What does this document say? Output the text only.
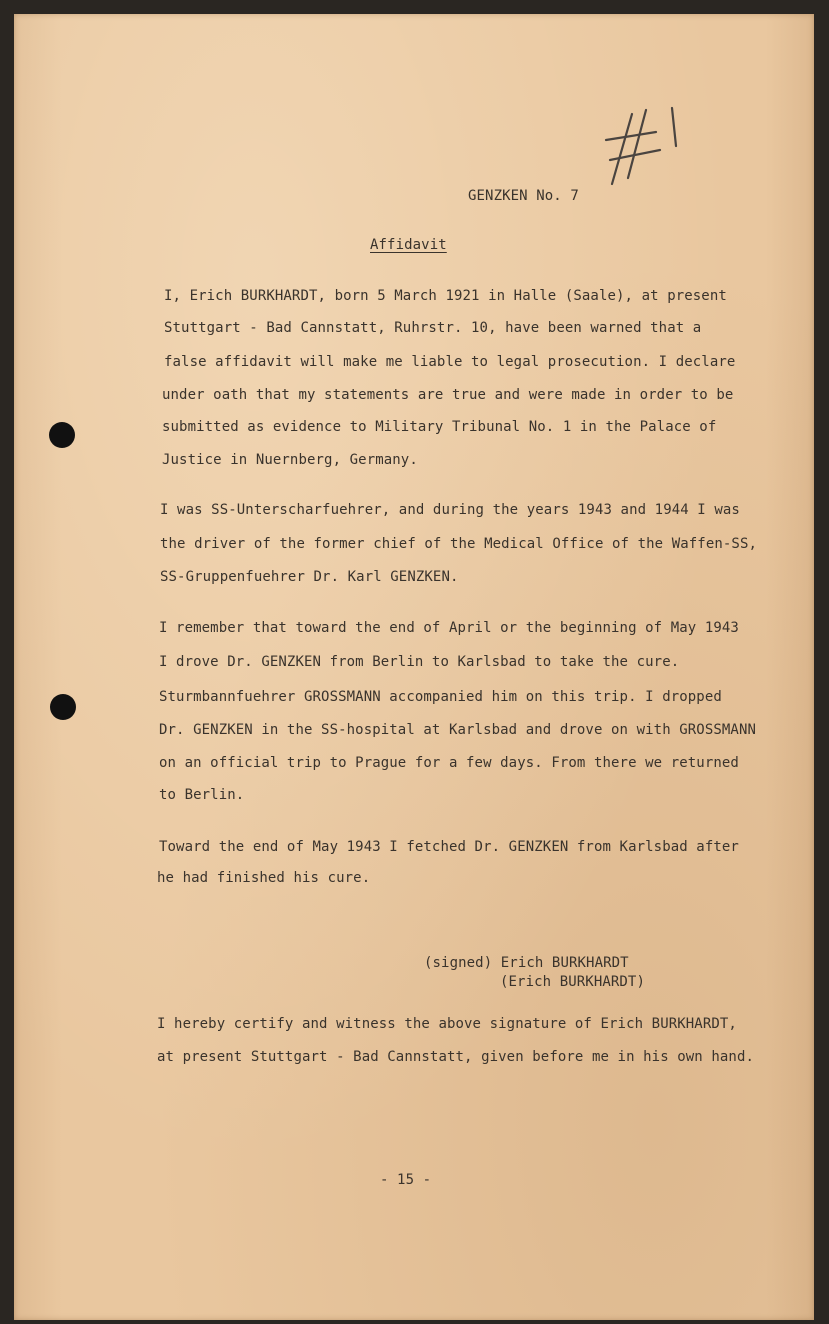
GENZKEN No. 7
Affidavit
I, Erich BURKHARDT, born 5 March 1921 in Halle (Saale), at present
Stuttgart - Bad Cannstatt, Ruhrstr. 10, have been warned that a
false affidavit will make me liable to legal prosecution. I declare
under oath that my statements are true and were made in order to be
submitted as evidence to Military Tribunal No. 1 in the Palace of
Justice in Nuernberg, Germany.
I was SS-Unterscharfuehrer, and during the years 1943 and 1944 I was
the driver of the former chief of the Medical Office of the Waffen-SS,
SS-Gruppenfuehrer Dr. Karl GENZKEN.
I remember that toward the end of April or the beginning of May 1943
I drove Dr. GENZKEN from Berlin to Karlsbad to take the cure.
Sturmbannfuehrer GROSSMANN accompanied him on this trip. I dropped
Dr. GENZKEN in the SS-hospital at Karlsbad and drove on with GROSSMANN
on an official trip to Prague for a few days. From there we returned
to Berlin.
Toward the end of May 1943 I fetched Dr. GENZKEN from Karlsbad after
he had finished his cure.
(signed) Erich BURKHARDT
(Erich BURKHARDT)
I hereby certify and witness the above signature of Erich BURKHARDT,
at present Stuttgart - Bad Cannstatt, given before me in his own hand.
- 15 -
